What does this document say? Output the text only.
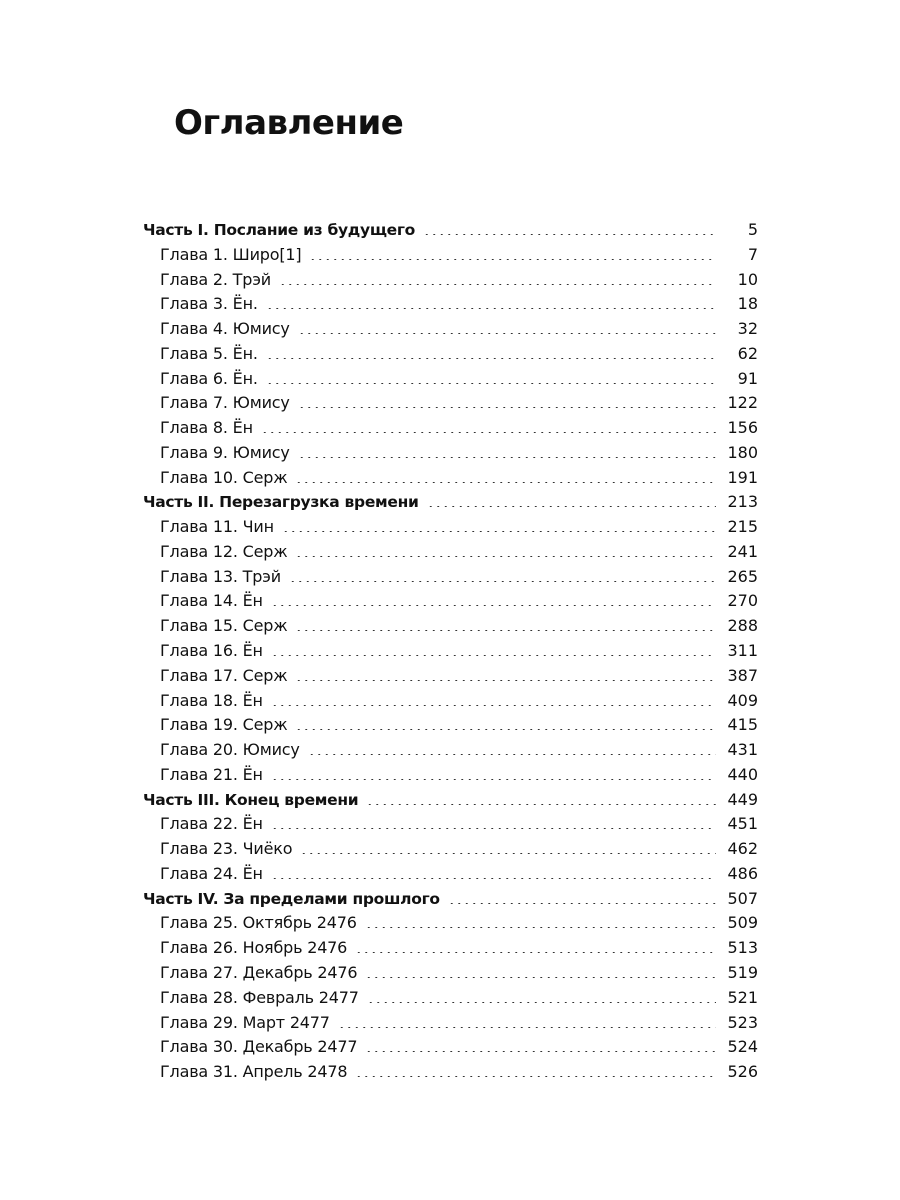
Оглавление
Часть I. Послание из будущего	5
Глава 1. Широ[1]	7
Глава 2. Трэй	10
Глава 3. Ён.	18
Глава 4. Юмису	32
Глава 5. Ён.	62
Глава 6. Ён.	91
Глава 7. Юмису	122
Глава 8. Ён	156
Глава 9. Юмису	180
Глава 10. Серж	191
Часть II. Перезагрузка времени	213
Глава 11. Чин	215
Глава 12. Серж	241
Глава 13. Трэй	265
Глава 14. Ён	270
Глава 15. Серж	288
Глава 16. Ён	311
Глава 17. Серж	387
Глава 18. Ён	409
Глава 19. Серж	415
Глава 20. Юмису	431
Глава 21. Ён	440
Часть III. Конец времени	449
Глава 22. Ён	451
Глава 23. Чиёко	462
Глава 24. Ён	486
Часть IV. За пределами прошлого	507
Глава 25. Октябрь 2476	509
Глава 26. Ноябрь 2476	513
Глава 27. Декабрь 2476	519
Глава 28. Февраль 2477	521
Глава 29. Март 2477	523
Глава 30. Декабрь 2477	524
Глава 31. Апрель 2478	526
